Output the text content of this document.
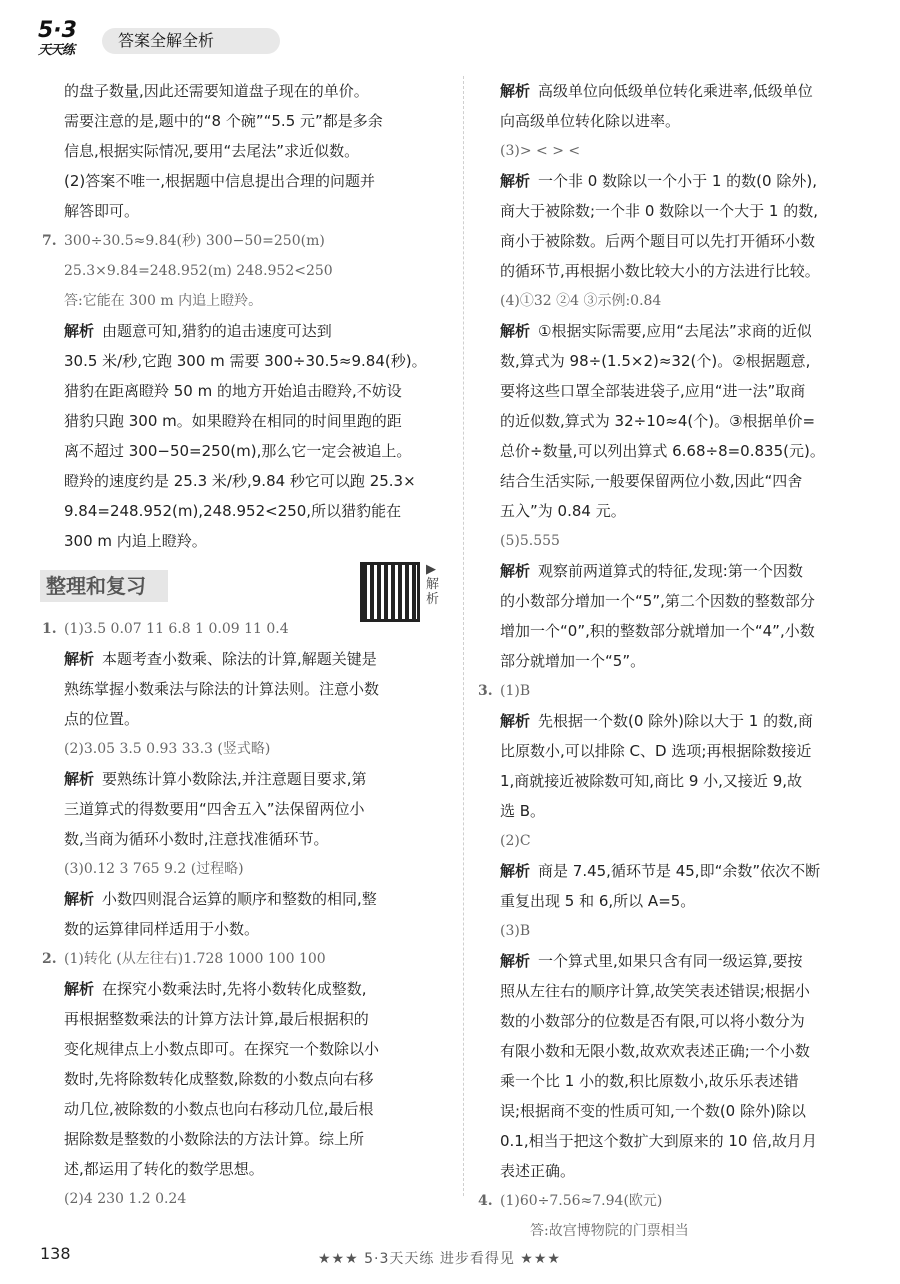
5·3
天天练
答案全解全析

的盘子数量,因此还需要知道盘子现在的单价。

需要注意的是,题中的“8 个碗”“5.5 元”都是多余

信息,根据实际情况,要用“去尾法”求近似数。

(2)答案不唯一,根据题中信息提出合理的问题并

解答即可。

7. 300÷30.5≈9.84(秒) 300−50=250(m)

25.3×9.84=248.952(m) 248.952<250

答:它能在 300 m 内追上瞪羚。

解析 由题意可知,猎豹的追击速度可达到

30.5 米/秒,它跑 300 m 需要 300÷30.5≈9.84(秒)。

猎豹在距离瞪羚 50 m 的地方开始追击瞪羚,不妨设

猎豹只跑 300 m。如果瞪羚在相同的时间里跑的距

离不超过 300−50=250(m),那么它一定会被追上。

瞪羚的速度约是 25.3 米/秒,9.84 秒它可以跑 25.3×

9.84=248.952(m),248.952<250,所以猎豹能在

300 m 内追上瞪羚。

整理和复习
▶解析

1. (1)3.5 0.07 11 6.8 1 0.09 11 0.4

解析 本题考查小数乘、除法的计算,解题关键是

熟练掌握小数乘法与除法的计算法则。注意小数

点的位置。

(2)3.05 3.5 0.93 33.3 (竖式略)

解析 要熟练计算小数除法,并注意题目要求,第

三道算式的得数要用“四舍五入”法保留两位小

数,当商为循环小数时,注意找准循环节。

(3)0.12 3 765 9.2 (过程略)

解析 小数四则混合运算的顺序和整数的相同,整

数的运算律同样适用于小数。

2. (1)转化 (从左往右)1.728 1000 100 100

解析 在探究小数乘法时,先将小数转化成整数,

再根据整数乘法的计算方法计算,最后根据积的

变化规律点上小数点即可。在探究一个数除以小

数时,先将除数转化成整数,除数的小数点向右移

动几位,被除数的小数点也向右移动几位,最后根

据除数是整数的小数除法的方法计算。综上所

述,都运用了转化的数学思想。

(2)4 230 1.2 0.24

解析 高级单位向低级单位转化乘进率,低级单位

向高级单位转化除以进率。

(3)> < > <

解析 一个非 0 数除以一个小于 1 的数(0 除外),

商大于被除数;一个非 0 数除以一个大于 1 的数,

商小于被除数。后两个题目可以先打开循环小数

的循环节,再根据小数比较大小的方法进行比较。

(4)①32 ②4 ③示例:0.84

解析 ①根据实际需要,应用“去尾法”求商的近似

数,算式为 98÷(1.5×2)≈32(个)。②根据题意,

要将这些口罩全部装进袋子,应用“进一法”取商

的近似数,算式为 32÷10≈4(个)。③根据单价=

总价÷数量,可以列出算式 6.68÷8=0.835(元)。

结合生活实际,一般要保留两位小数,因此“四舍

五入”为 0.84 元。

(5)5.555

解析 观察前两道算式的特征,发现:第一个因数

的小数部分增加一个“5”,第二个因数的整数部分

增加一个“0”,积的整数部分就增加一个“4”,小数

部分就增加一个“5”。

3. (1)B

解析 先根据一个数(0 除外)除以大于 1 的数,商

比原数小,可以排除 C、D 选项;再根据除数接近

1,商就接近被除数可知,商比 9 小,又接近 9,故

选 B。

(2)C

解析 商是 7.45,循环节是 45,即“余数”依次不断

重复出现 5 和 6,所以 A=5。

(3)B

解析 一个算式里,如果只含有同一级运算,要按

照从左往右的顺序计算,故笑笑表述错误;根据小

数的小数部分的位数是否有限,可以将小数分为

有限小数和无限小数,故欢欢表述正确;一个小数

乘一个比 1 小的数,积比原数小,故乐乐表述错

误;根据商不变的性质可知,一个数(0 除外)除以

0.1,相当于把这个数扩大到原来的 10 倍,故月月

表述正确。

4. (1)60÷7.56≈7.94(欧元)

答:故宫博物院的门票相当

138	★★★ 5·3天天练 进步看得见 ★★★
